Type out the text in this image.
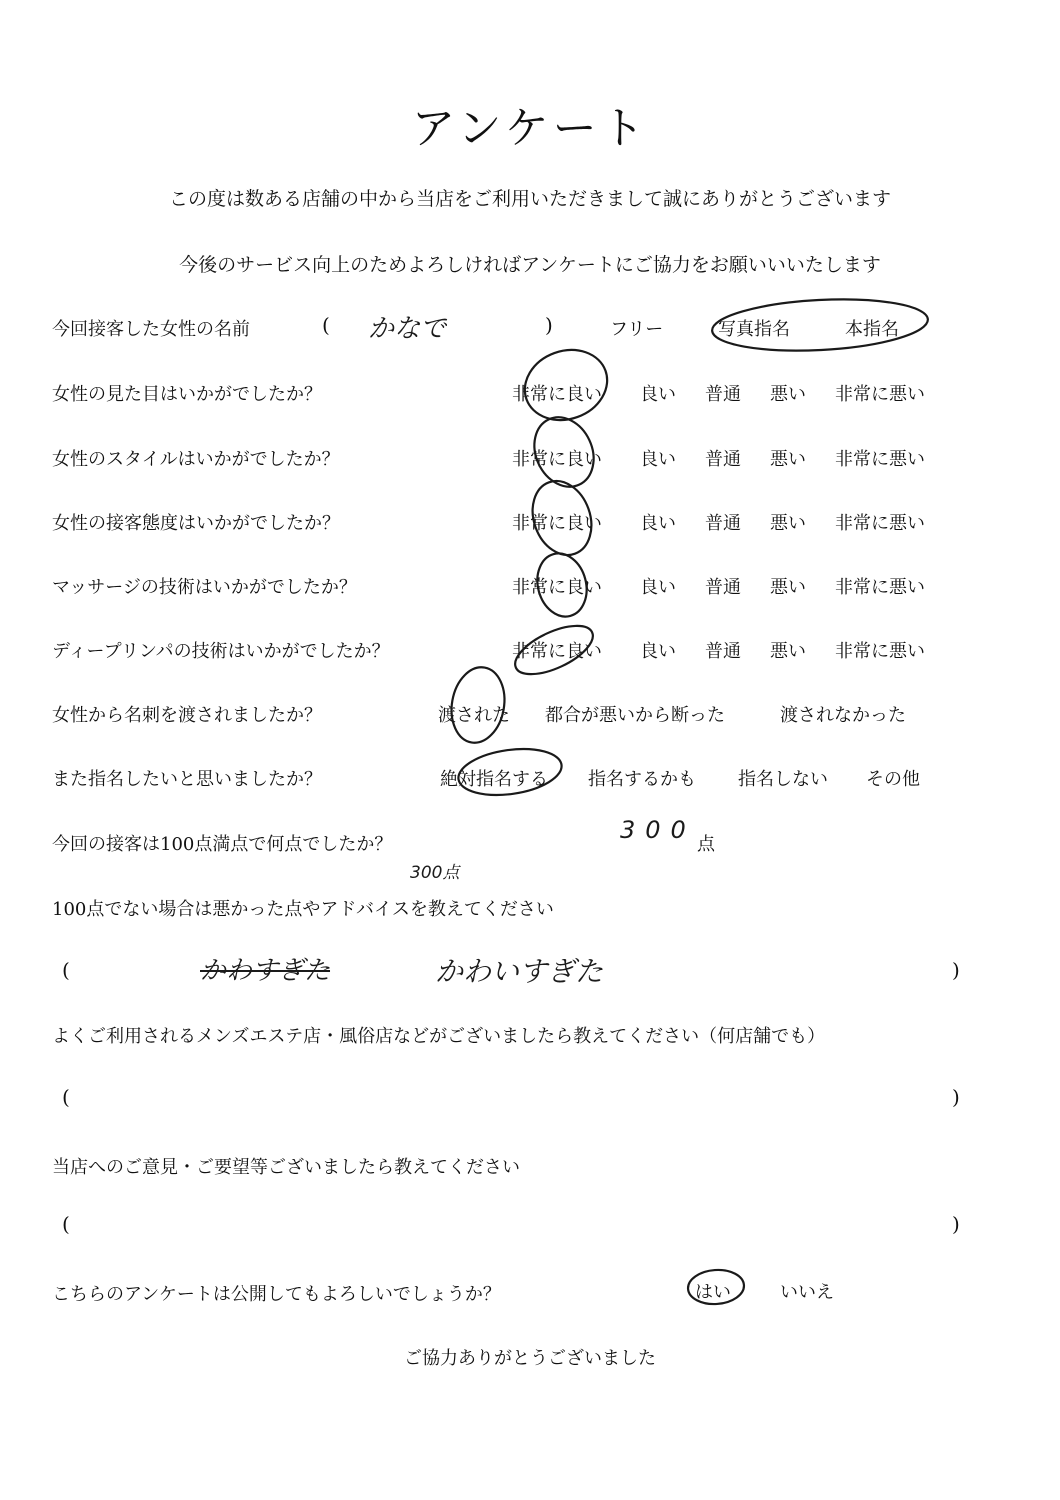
アンケート
この度は数ある店舗の中から当店をご利用いただきまして誠にありがとうございます
今後のサービス向上のためよろしければアンケートにご協力をお願いいいたします
今回接客した女性の名前	( かなで	)	フリー	写真指名	本指名
女性の見た目はいかがでしたか？	非常に良い 良い 普通 悪い 非常に悪い
女性のスタイルはいかがでしたか？	非常に良い 良い 普通 悪い 非常に悪い
女性の接客態度はいかがでしたか？	非常に良い 良い 普通 悪い 非常に悪い
マッサージの技術はいかがでしたか？	非常に良い 良い 普通 悪い 非常に悪い
ディープリンパの技術はいかがでしたか？	非常に良い 良い 普通 悪い 非常に悪い
女性から名刺を渡されましたか？	渡された 都合が悪いから断った	渡されなかった
また指名したいと思いましたか？	絶対指名する 指名するかも 指名しない その他
今回の接客は100点満点で何点でしたか？
300
点
300点
100点でない場合は悪かった点やアドバイスを教えてください
(	かわすぎた	かわいすぎた	)
よくご利用されるメンズエステ店・風俗店などがございましたら教えてください（何店舗でも）
(	)
当店へのご意見・ご要望等ございましたら教えてください
(	)
こちらのアンケートは公開してもよろしいでしょうか？	はい	いいえ
ご協力ありがとうございました
